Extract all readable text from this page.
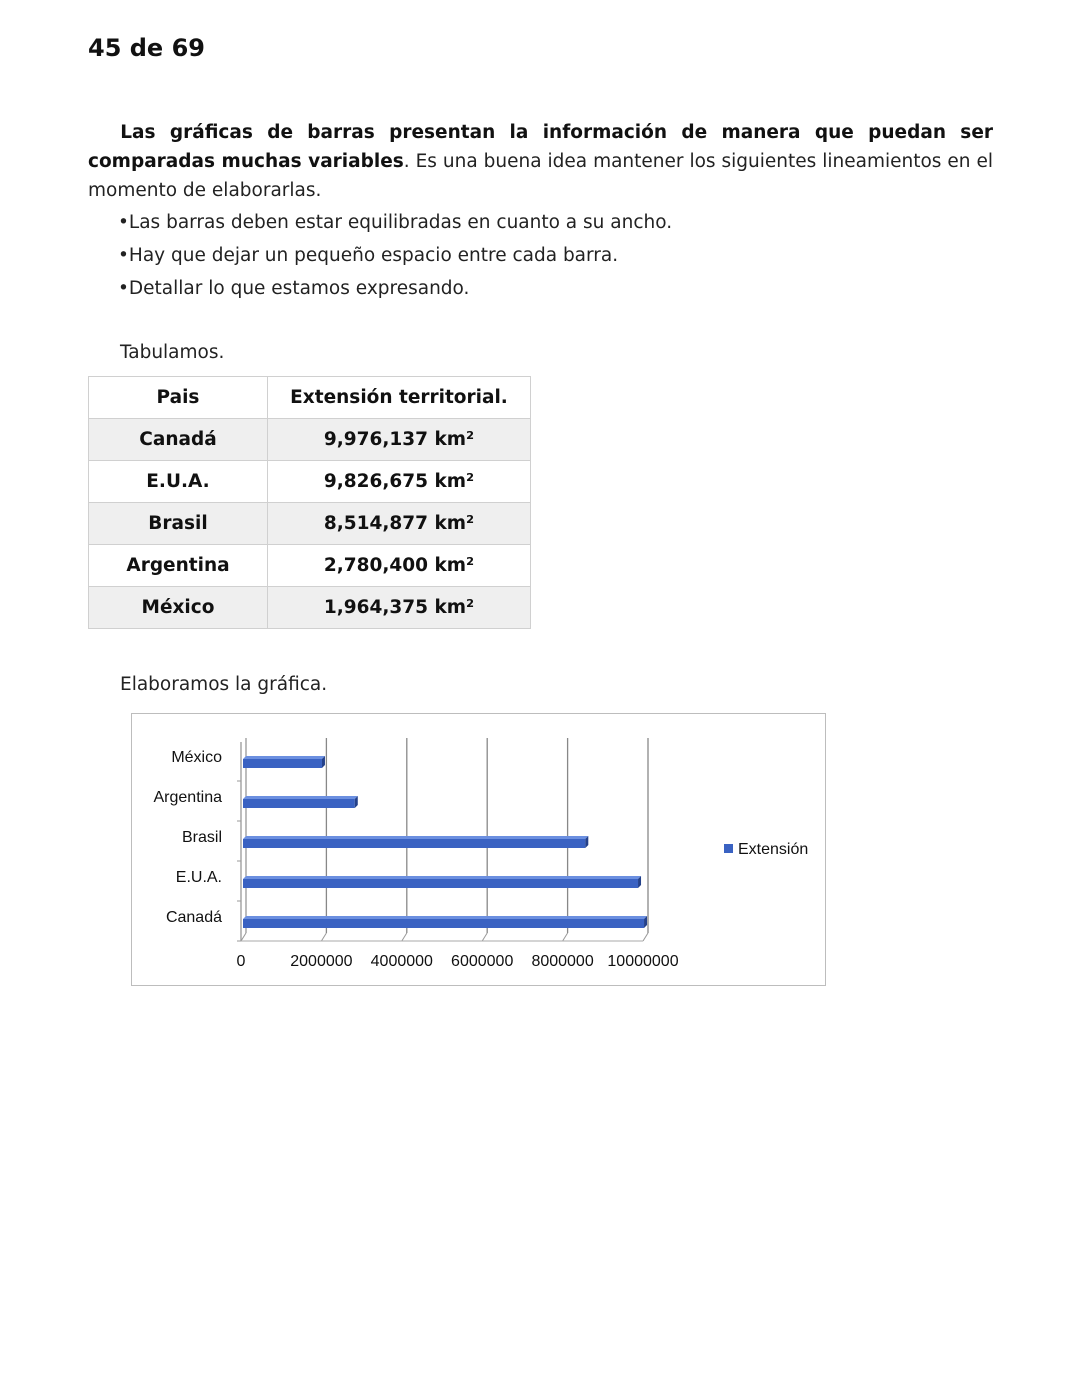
45 de 69
  Las gráficas de barras presentan la información de manera que puedan ser comparadas muchas variables. Es una buena idea mantener los siguientes lineamientos en el momento de elaborarlas.
•Las barras deben estar equilibradas en cuanto a su ancho.
•Hay que dejar un pequeño espacio entre cada barra.
•Detallar lo que estamos expresando.
Tabulamos.
Pais	Extensión territorial.
Canadá	9,976,137 km²
E.U.A.	9,826,675 km²
Brasil	8,514,877 km²
Argentina	2,780,400 km²
México	1,964,375 km²
Elaboramos la gráfica.
0	2000000 4000000 6000000 8000000 10000000
Canadá
E.U.A.
Brasil
Argentina
México
Extensión
